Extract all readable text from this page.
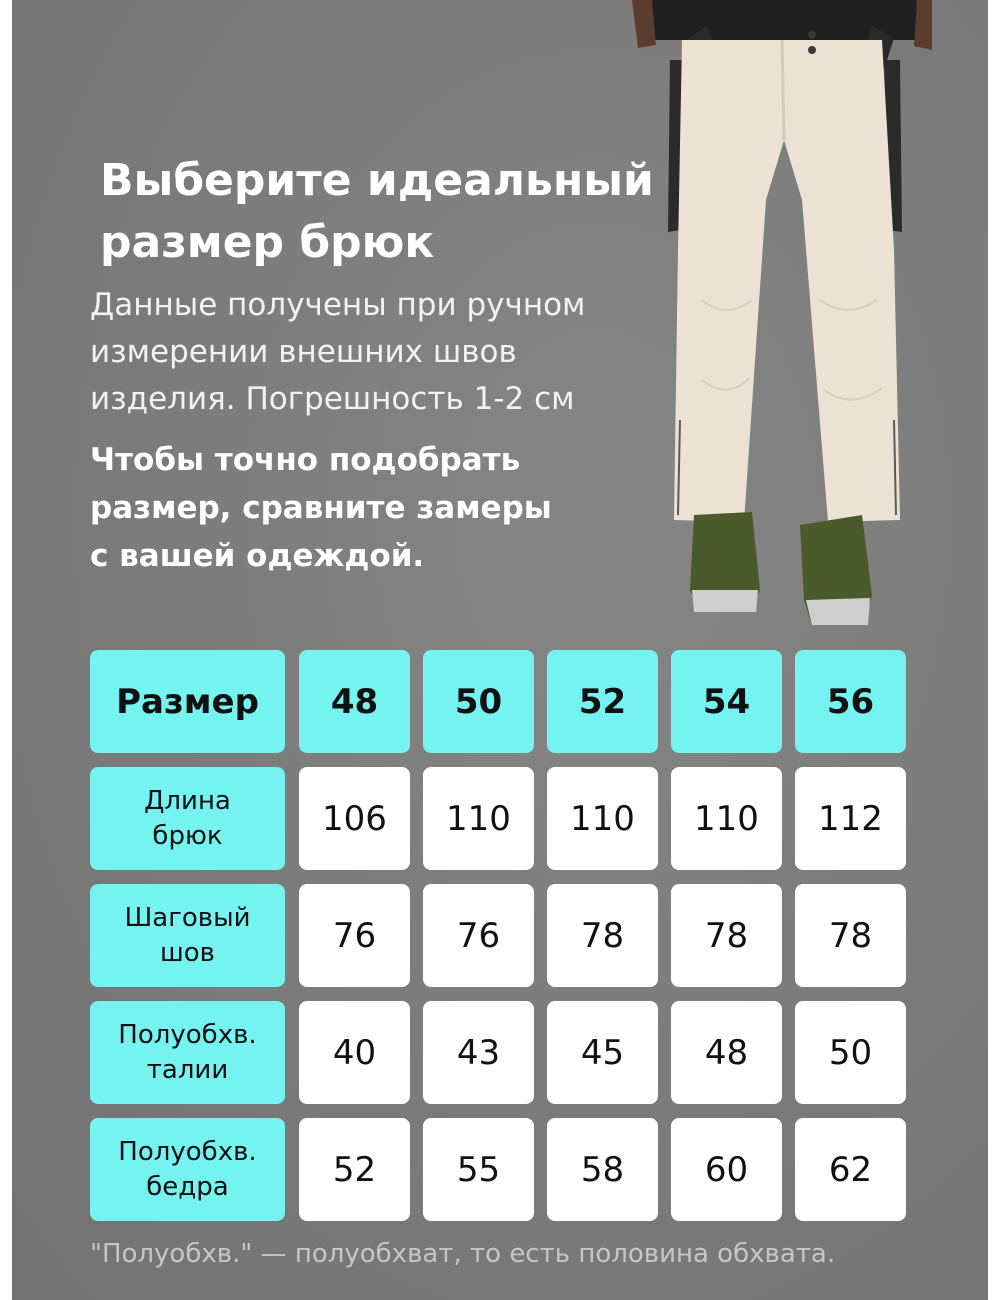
Выберите идеальный
размер брюк
Данные получены при ручном
измерении внешних швов
изделия. Погрешность 1-2 см
Чтобы точно подобрать
размер, сравните замеры
с вашей одеждой.
Размер	48	50	52	54	56
Длина
брюк	106	110	110	110	112
Шаговый
шов	76	76	78	78	78
Полуобхв.
талии	40	43	45	48	50
Полуобхв.
бедра	52	55	58	60	62
"Полуобхв." — полуобхват, то есть половина обхвата.
